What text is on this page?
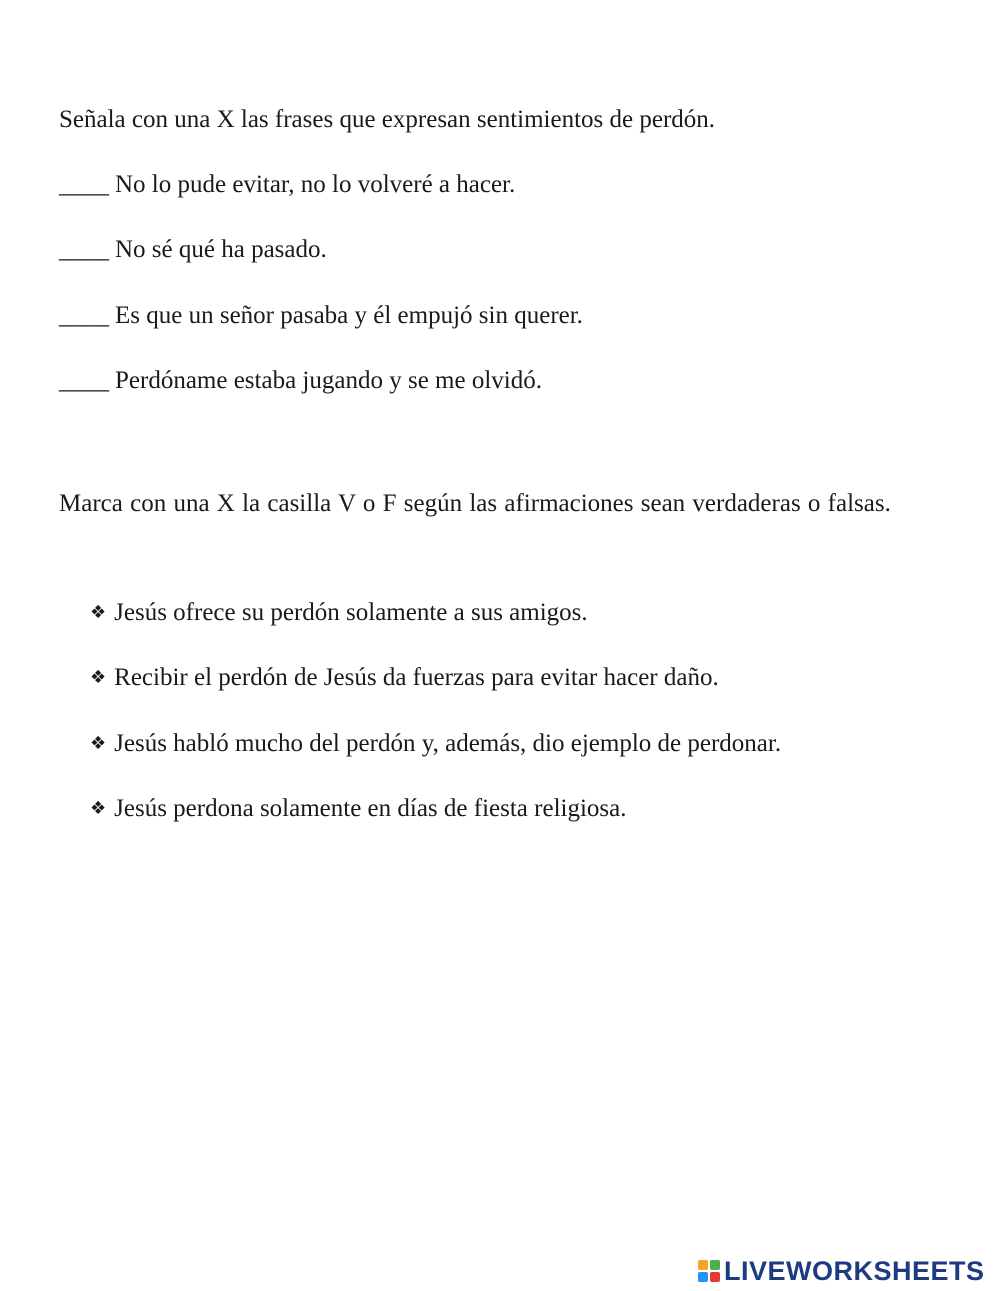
Señala con una X las frases que expresan sentimientos de perdón.
____ No lo pude evitar, no lo volveré a hacer.
____ No sé qué ha pasado.
____ Es que un señor pasaba y él empujó sin querer.
____ Perdóname estaba jugando y se me olvidó.
Marca con una X la casilla V o F según las afirmaciones sean verdaderas o falsas.
❖ Jesús ofrece su perdón solamente a sus amigos.
❖ Recibir el perdón de Jesús da fuerzas para evitar hacer daño.
❖ Jesús habló mucho del perdón y, además, dio ejemplo de perdonar.
❖ Jesús perdona solamente en días de fiesta religiosa.
LIVEWORKSHEETS
